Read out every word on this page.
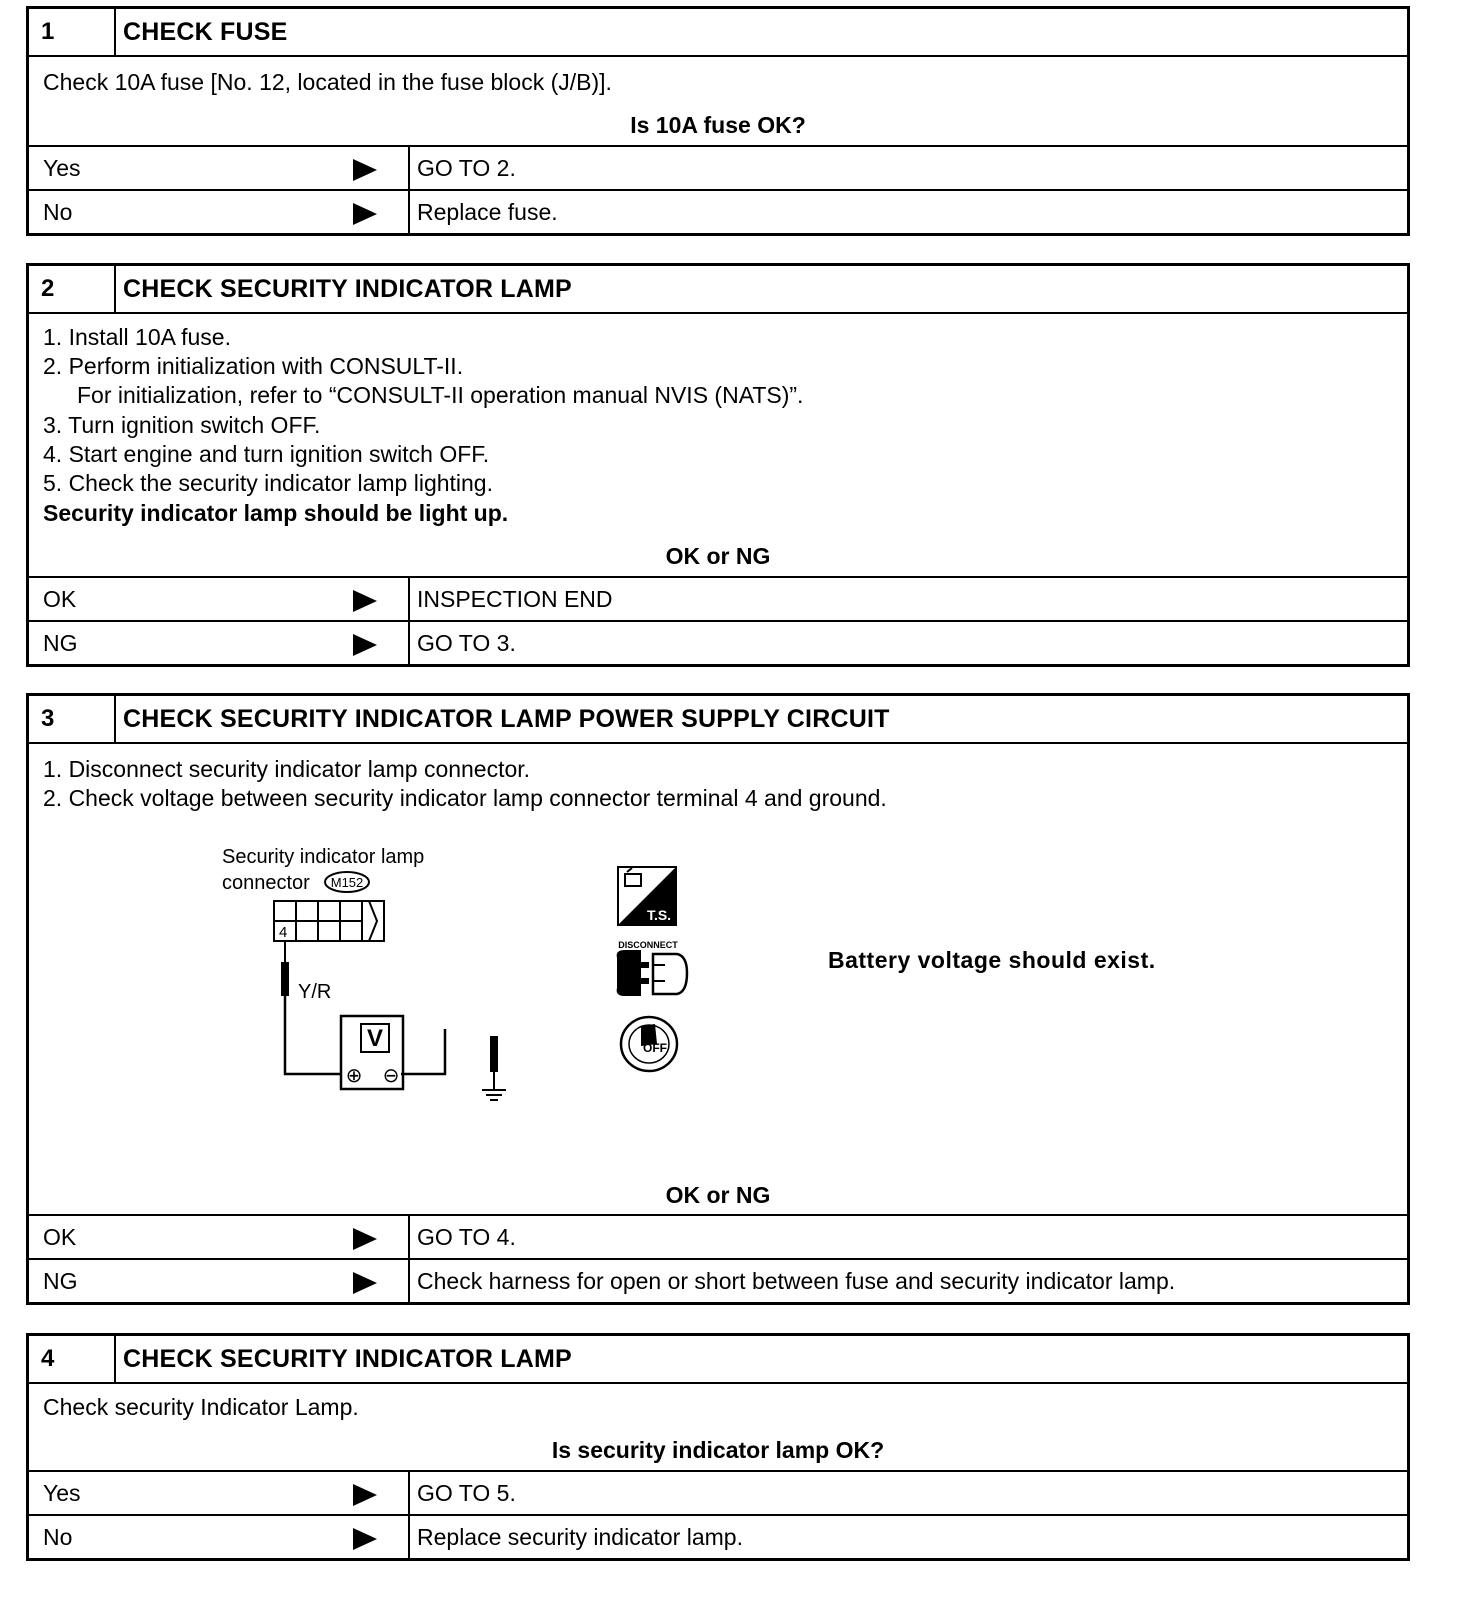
1	CHECK FUSE
Check 10A fuse [No. 12, located in the fuse block (J/B)].
Is 10A fuse OK?
Yes	GO TO 2.
No	Replace fuse.
2	CHECK SECURITY INDICATOR LAMP
1. Install 10A fuse.
2. Perform initialization with CONSULT-II.
For initialization, refer to “CONSULT-II operation manual NVIS (NATS)”.
3. Turn ignition switch OFF.
4. Start engine and turn ignition switch OFF.
5. Check the security indicator lamp lighting.
Security indicator lamp should be light up.
OK or NG
OK	INSPECTION END
NG	GO TO 3.
3	CHECK SECURITY INDICATOR LAMP POWER SUPPLY CIRCUIT
1. Disconnect security indicator lamp connector.
2. Check voltage between security indicator lamp connector terminal 4 and ground.
Security indicator lamp
connector
Y/R
M152
4
V
⊕ ⊖
T.S.
DISCONNECT
OFF
Battery voltage should exist.
OK or NG
OK	GO TO 4.
NG	Check harness for open or short between fuse and security indicator lamp.
4	CHECK SECURITY INDICATOR LAMP
Check security Indicator Lamp.
Is security indicator lamp OK?
Yes	GO TO 5.
No	Replace security indicator lamp.
